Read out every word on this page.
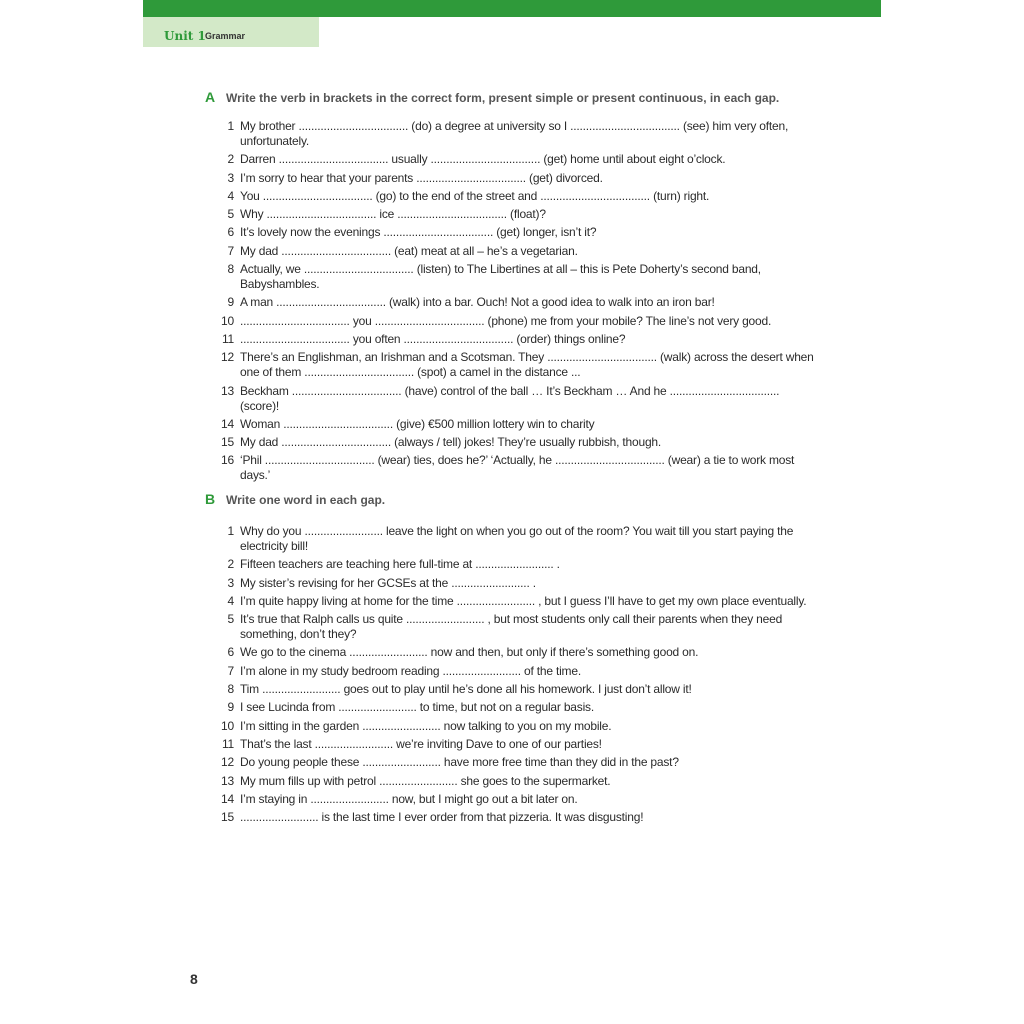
Unit 1 Grammar
A Write the verb in brackets in the correct form, present simple or present continuous, in each gap.
1 My brother ................................... (do) a degree at university so I ................................... (see) him very often, unfortunately.
2 Darren ................................... usually ................................... (get) home until about eight o’clock.
3 I’m sorry to hear that your parents ................................... (get) divorced.
4 You ................................... (go) to the end of the street and ................................... (turn) right.
5 Why ................................... ice ................................... (float)?
6 It’s lovely now the evenings ................................... (get) longer, isn’t it?
7 My dad ................................... (eat) meat at all – he’s a vegetarian.
8 Actually, we ................................... (listen) to The Libertines at all – this is Pete Doherty’s second band, Babyshambles.
9 A man ................................... (walk) into a bar. Ouch! Not a good idea to walk into an iron bar!
10 ................................... you ................................... (phone) me from your mobile? The line’s not very good.
11 ................................... you often ................................... (order) things online?
12 There’s an Englishman, an Irishman and a Scotsman. They ................................... (walk) across the desert when one of them ................................... (spot) a camel in the distance ...
13 Beckham ................................... (have) control of the ball … It’s Beckham … And he ................................... (score)!
14 Woman ................................... (give) €500 million lottery win to charity
15 My dad ................................... (always / tell) jokes! They’re usually rubbish, though.
16 ‘Phil ................................... (wear) ties, does he?’ ‘Actually, he ................................... (wear) a tie to work most days.’
B Write one word in each gap.
1 Why do you ......................... leave the light on when you go out of the room? You wait till you start paying the electricity bill!
2 Fifteen teachers are teaching here full-time at ......................... .
3 My sister’s revising for her GCSEs at the ......................... .
4 I’m quite happy living at home for the time ......................... , but I guess I’ll have to get my own place eventually.
5 It’s true that Ralph calls us quite ......................... , but most students only call their parents when they need something, don’t they?
6 We go to the cinema ......................... now and then, but only if there’s something good on.
7 I’m alone in my study bedroom reading ......................... of the time.
8 Tim ......................... goes out to play until he’s done all his homework. I just don’t allow it!
9 I see Lucinda from ......................... to time, but not on a regular basis.
10 I’m sitting in the garden ......................... now talking to you on my mobile.
11 That’s the last ......................... we’re inviting Dave to one of our parties!
12 Do young people these ......................... have more free time than they did in the past?
13 My mum fills up with petrol ......................... she goes to the supermarket.
14 I’m staying in ......................... now, but I might go out a bit later on.
15 ......................... is the last time I ever order from that pizzeria. It was disgusting!
8
